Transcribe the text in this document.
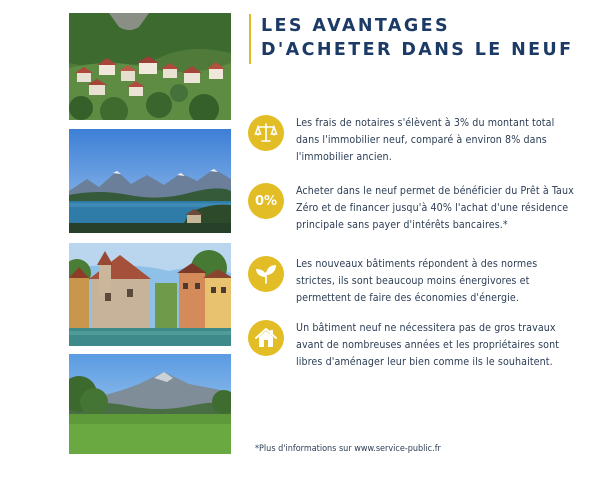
LES AVANTAGES
D'ACHETER DANS LE NEUF
Les frais de notaires s'élèvent à 3% du montant total dans l'immobilier neuf, comparé à environ 8% dans l'immobilier ancien.
0%
Acheter dans le neuf permet de bénéficier du Prêt à Taux Zéro et de financer jusqu'à 40% l'achat d'une résidence principale sans payer d'intérêts bancaires.*
Les nouveaux bâtiments répondent à des normes strictes, ils sont beaucoup moins énergivores et permettent de faire des économies d'énergie.
Un bâtiment neuf ne nécessitera pas de gros travaux avant de nombreuses années et les propriétaires sont libres d'aménager leur bien comme ils le souhaitent.
*Plus d'informations sur www.service-public.fr
